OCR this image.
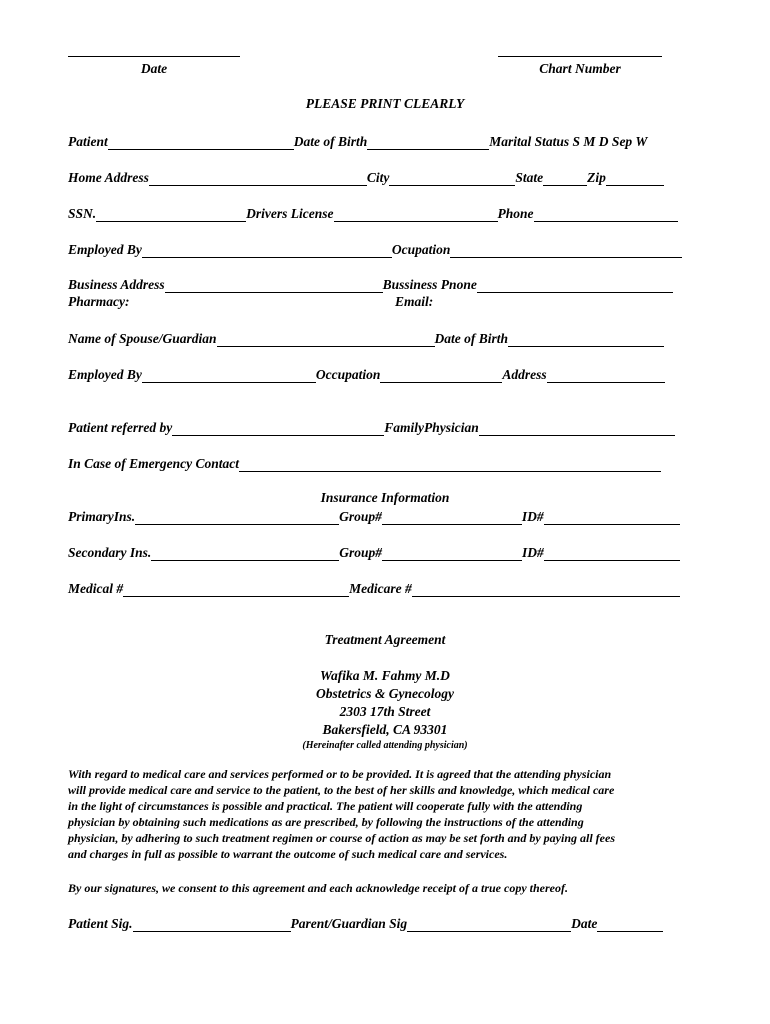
Date	Chart Number
PLEASE PRINT CLEARLY
Patient	Date of Birth	Marital Status S M D Sep W
Home Address	City	State	Zip
SSN.	Drivers License	Phone
Employed By	Ocupation
Business Address	Bussiness Pnone
Pharmacy:	Email:
Name of Spouse/Guardian	Date of Birth
Employed By	Occupation	Address
Patient referred by	FamilyPhysician
In Case of Emergency Contact
Insurance Information
PrimaryIns.	Group#	ID#
Secondary Ins.	Group#	ID#
Medical #	Medicare #
Treatment Agreement
Wafika M. Fahmy M.D
Obstetrics & Gynecology
2303 17th Street
Bakersfield, CA 93301
(Hereinafter called attending physician)
With regard to medical care and services performed or to be provided. It is agreed that the attending physician
will provide medical care and service to the patient, to the best of her skills and knowledge, which medical care
in the light of circumstances is possible and practical. The patient will cooperate fully with the attending
physician by obtaining such medications as are prescribed, by following the instructions of the attending
physician, by adhering to such treatment regimen or course of action as may be set forth and by paying all fees
and charges in full as possible to warrant the outcome of such medical care and services.
By our signatures, we consent to this agreement and each acknowledge receipt of a true copy thereof.
Patient Sig.	Parent/Guardian Sig	Date
